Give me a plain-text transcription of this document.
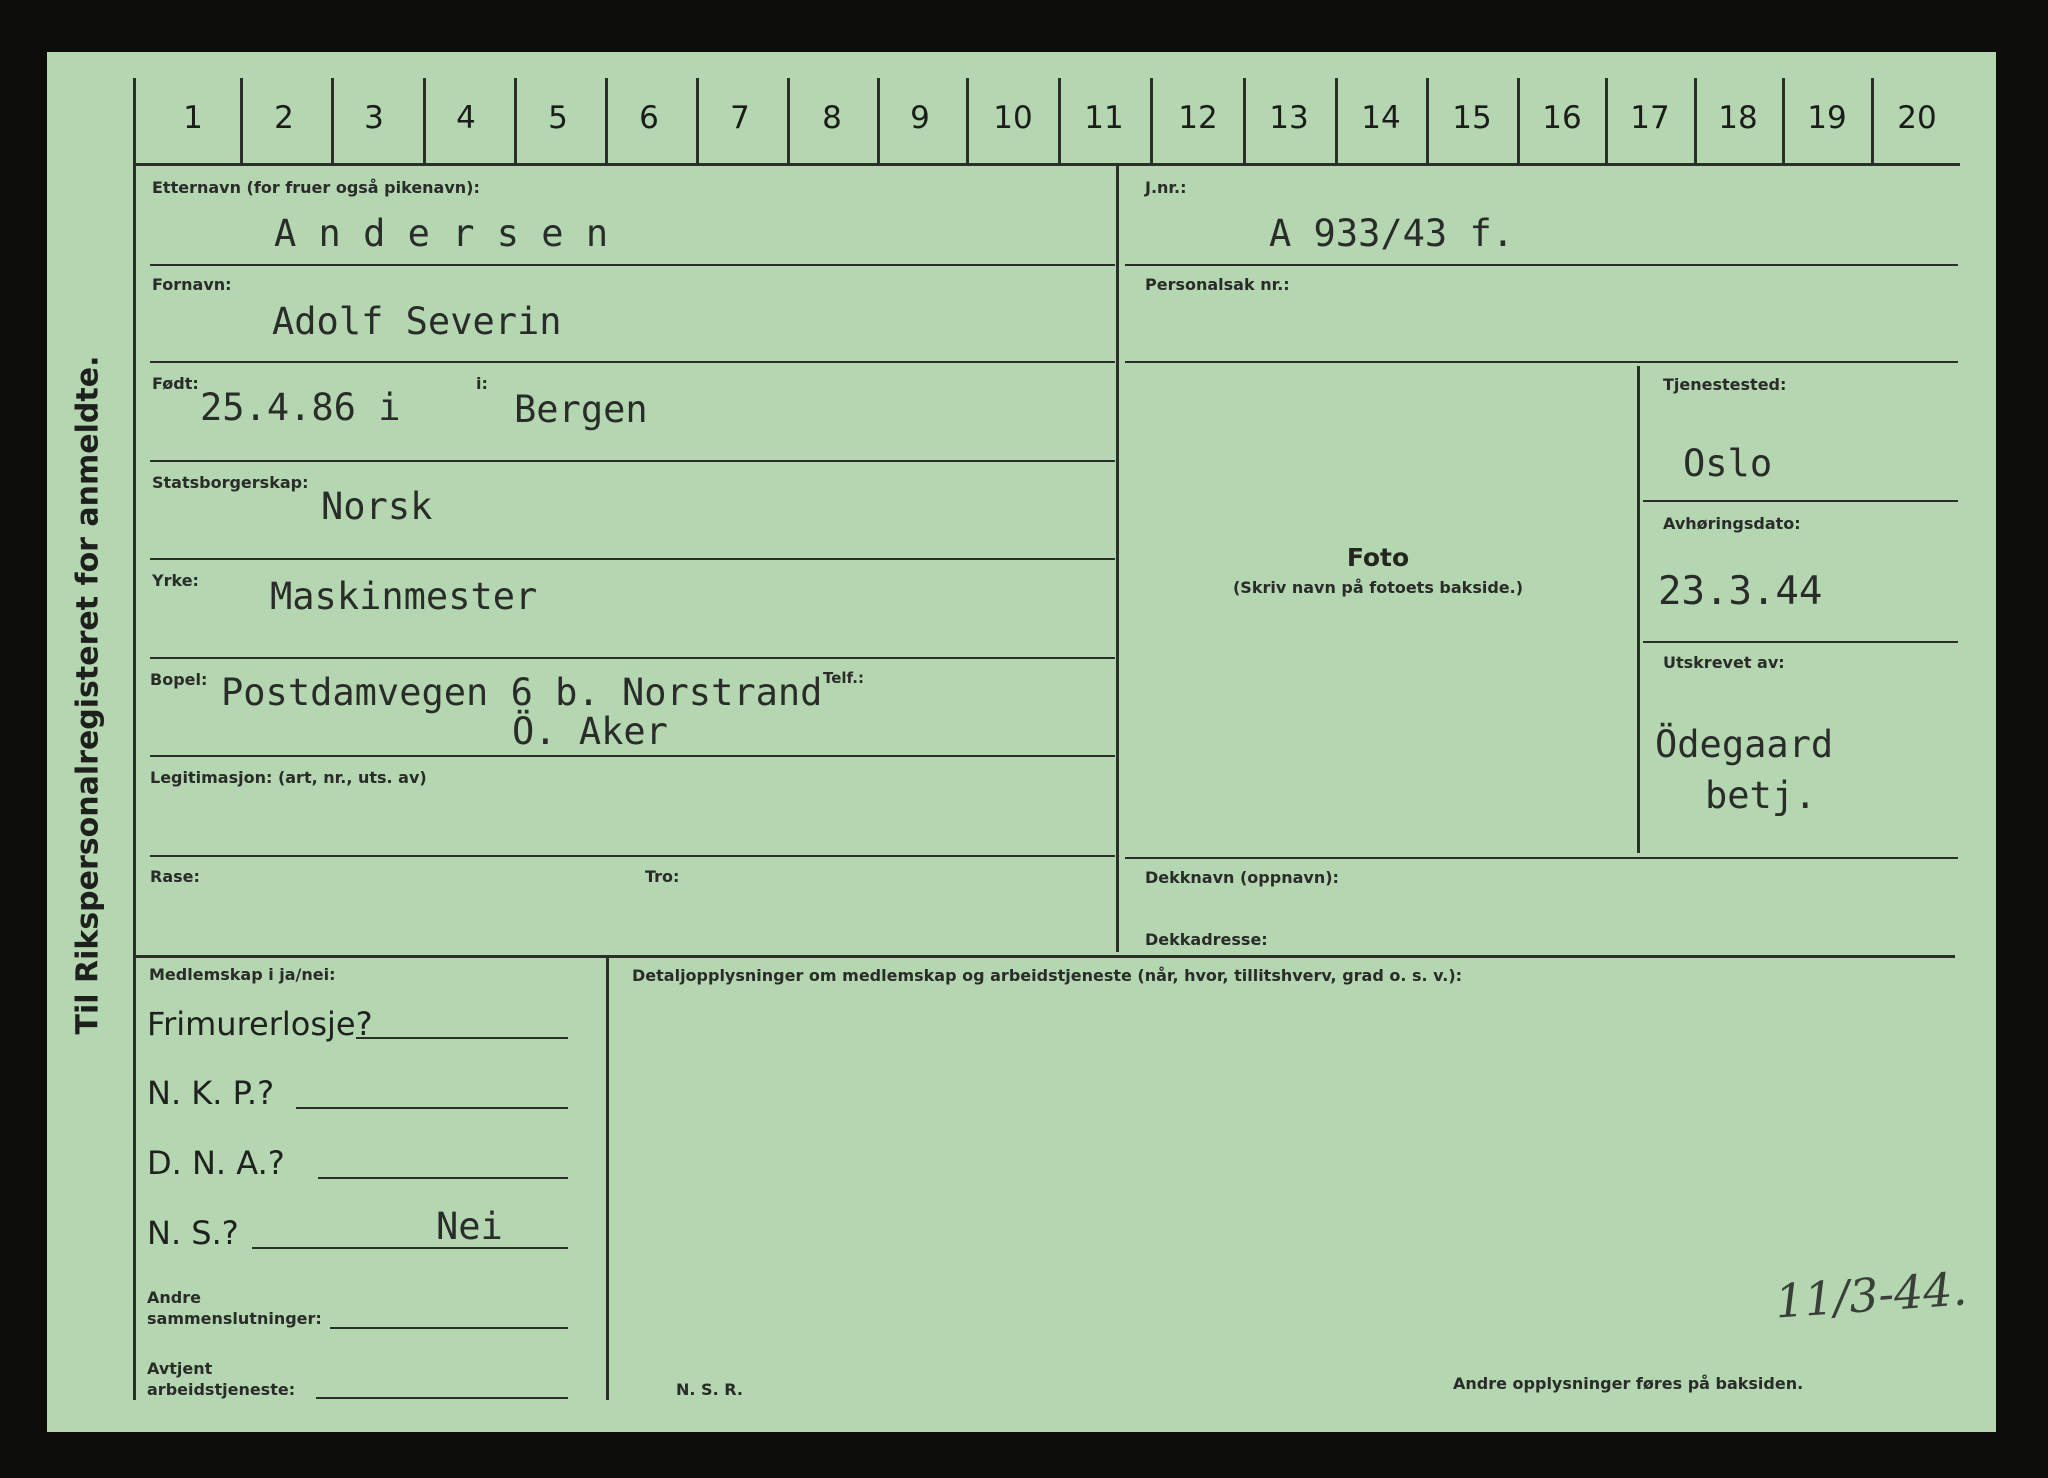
Til Rikspersonalregisteret for anmeldte.
1	2	3	4	5	6	7	8	9	10	11	12	13	14	15	16	17	18	19	20
Etternavn (for fruer også pikenavn):
A n d e r s e n
Fornavn:
Adolf Severin
Født:
25.4.86 i
i:
Bergen
Statsborgerskap:
Norsk
Yrke: Maskinmester
Bopel:	Telf.:
Postdamvegen 6 b. Norstrand
Ö. Aker
Legitimasjon: (art, nr., uts. av)
Rase:	Tro:
J.nr.:
A 933/43 f.
Personalsak nr.:
Foto
(Skriv navn på fotoets bakside.)
Tjenestested:
Oslo
Avhøringsdato:
23.3.44
Utskrevet av:
Ödegaard
betj.
Dekknavn (oppnavn):
Dekkadresse:
Medlemskap i ja/nei:
Frimurerlosje?
N. K. P.?
D. N. A.?
N. S.?	Nei
Andre
sammenslutninger:
Avtjent
arbeidstjeneste:
Detaljopplysninger om medlemskap og arbeidstjeneste (når, hvor, tillitshverv, grad o. s. v.):
N. S. R.	Andre opplysninger føres på baksiden.
11/3-44.
